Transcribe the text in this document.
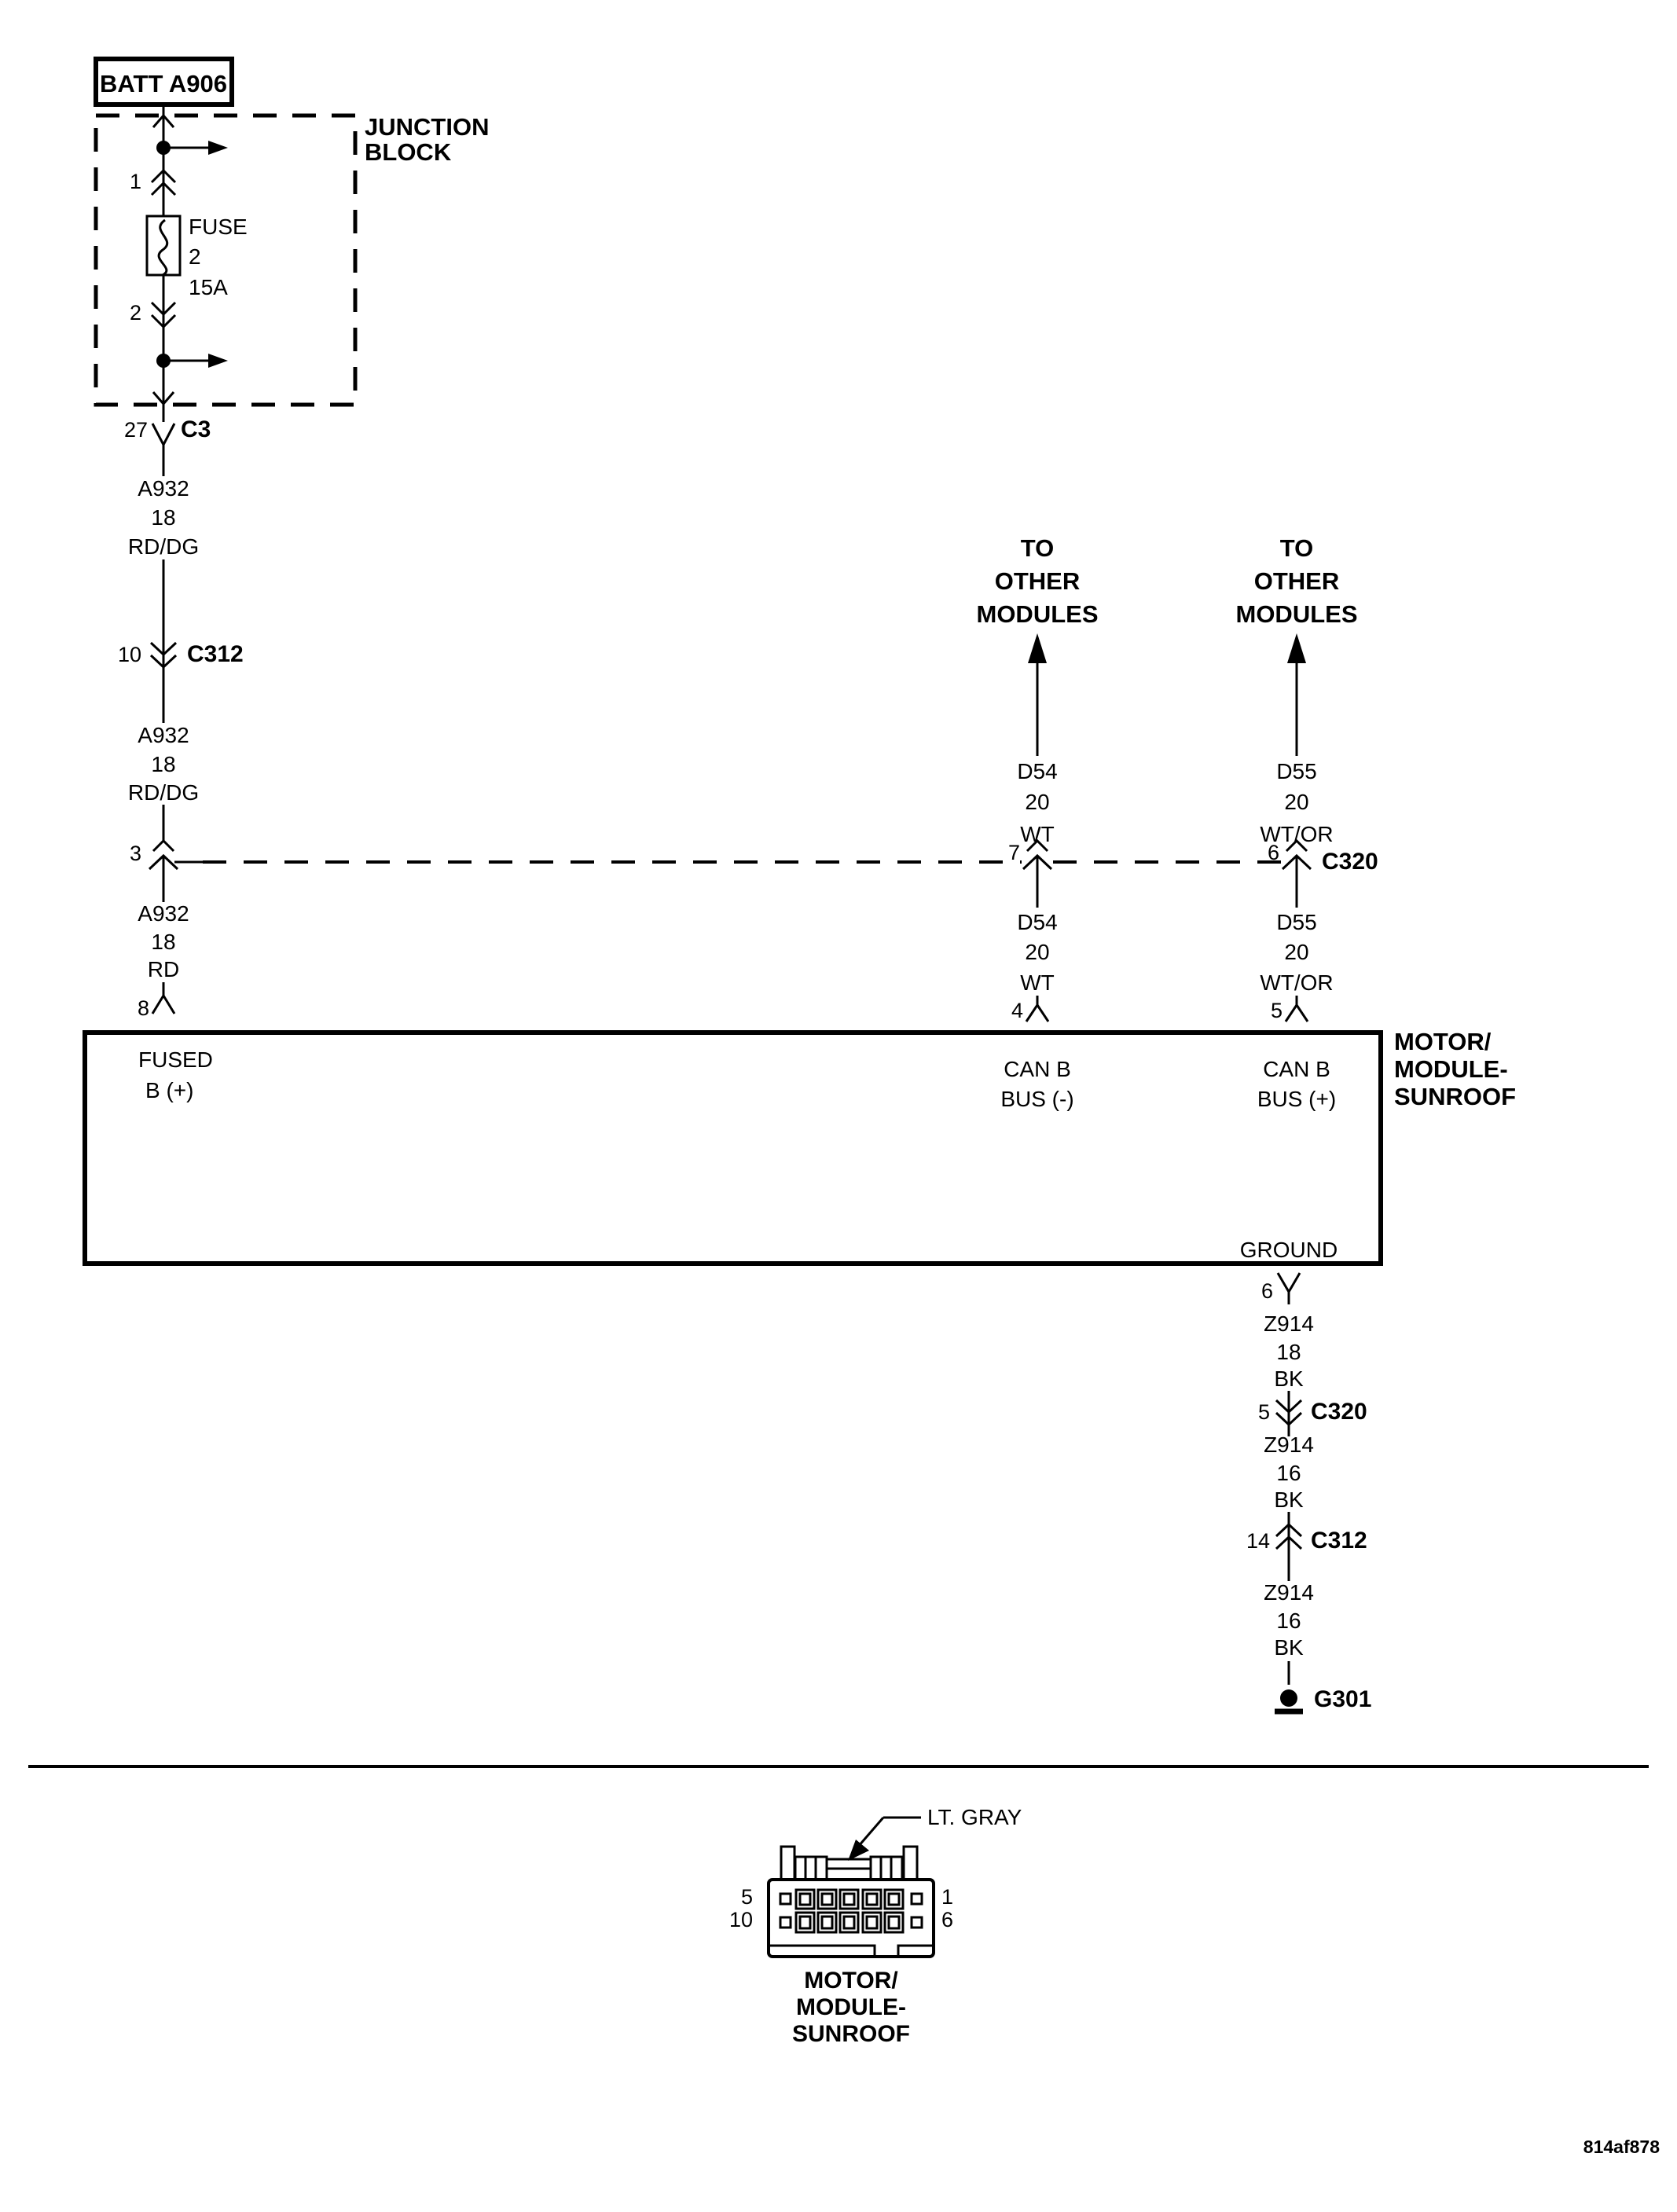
BATT A906
JUNCTION
BLOCK
1
FUSE
2
15A
2
27 C3
A932
18
RD/DG
10 C312
A932
18
RD/DG
3
A932
18
RD
8
TO
OTHER
MODULES
D54
20
WT
7
D54
20
WT
4
TO
OTHER
MODULES
D55
20
WT/OR
6 C320
D55
20
WT/OR
5
FUSED
B (+)
CAN B
BUS (-)
CAN B
BUS (+)
GROUND
MOTOR/
MODULE-
SUNROOF
6
Z914
18
BK
5 C320
Z914
16
BK
14 C312
Z914
16
BK
G301
LT. GRAY
5
10
1
6
MOTOR/
MODULE-
SUNROOF
814af878
